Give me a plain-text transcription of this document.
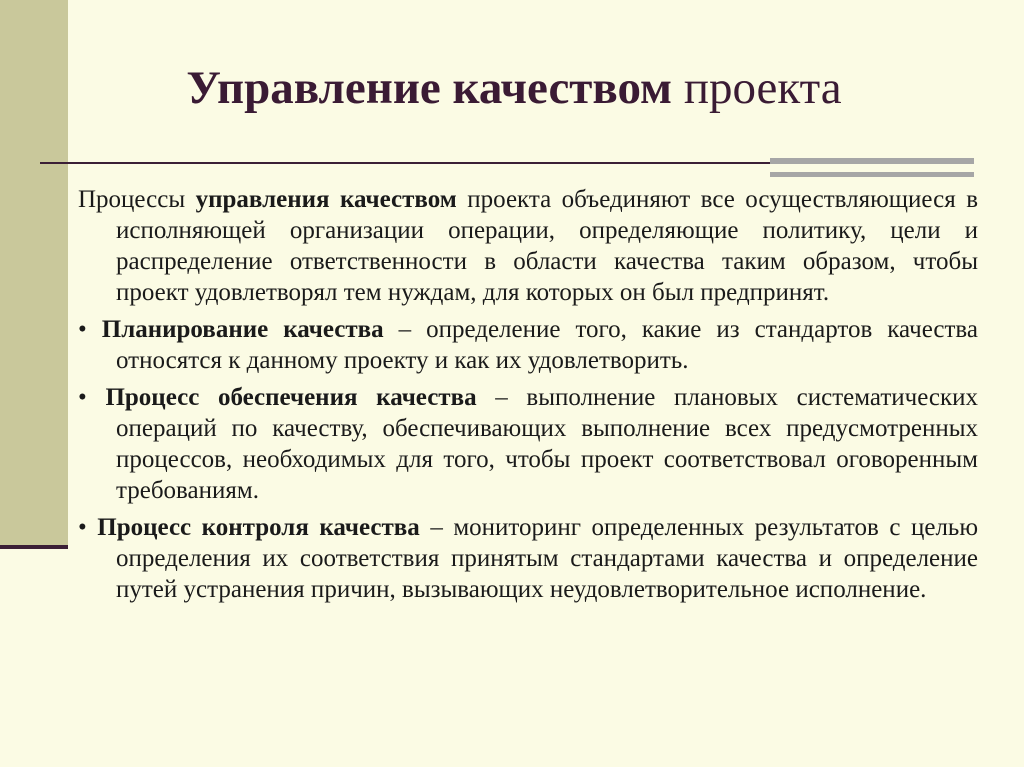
Управление качеством проекта

Процессы управления качеством проекта объединяют все осуществляющиеся в исполняющей организации операции, определяющие политику, цели и распределение ответственности в области качества таким образом, чтобы проект удовлетворял тем нуждам, для которых он был предпринят.

• Планирование качества – определение того, какие из стандартов качества относятся к данному проекту и как их удовлетворить.

• Процесс обеспечения качества – выполнение плановых систематических операций по качеству, обеспечивающих выполнение всех предусмотренных процессов, необходимых для того, чтобы проект соответствовал оговоренным требованиям.

• Процесс контроля качества – мониторинг определенных результатов с целью определения их соответствия принятым стандартами качества и определение путей устранения причин, вызывающих неудовлетворительное исполнение.
